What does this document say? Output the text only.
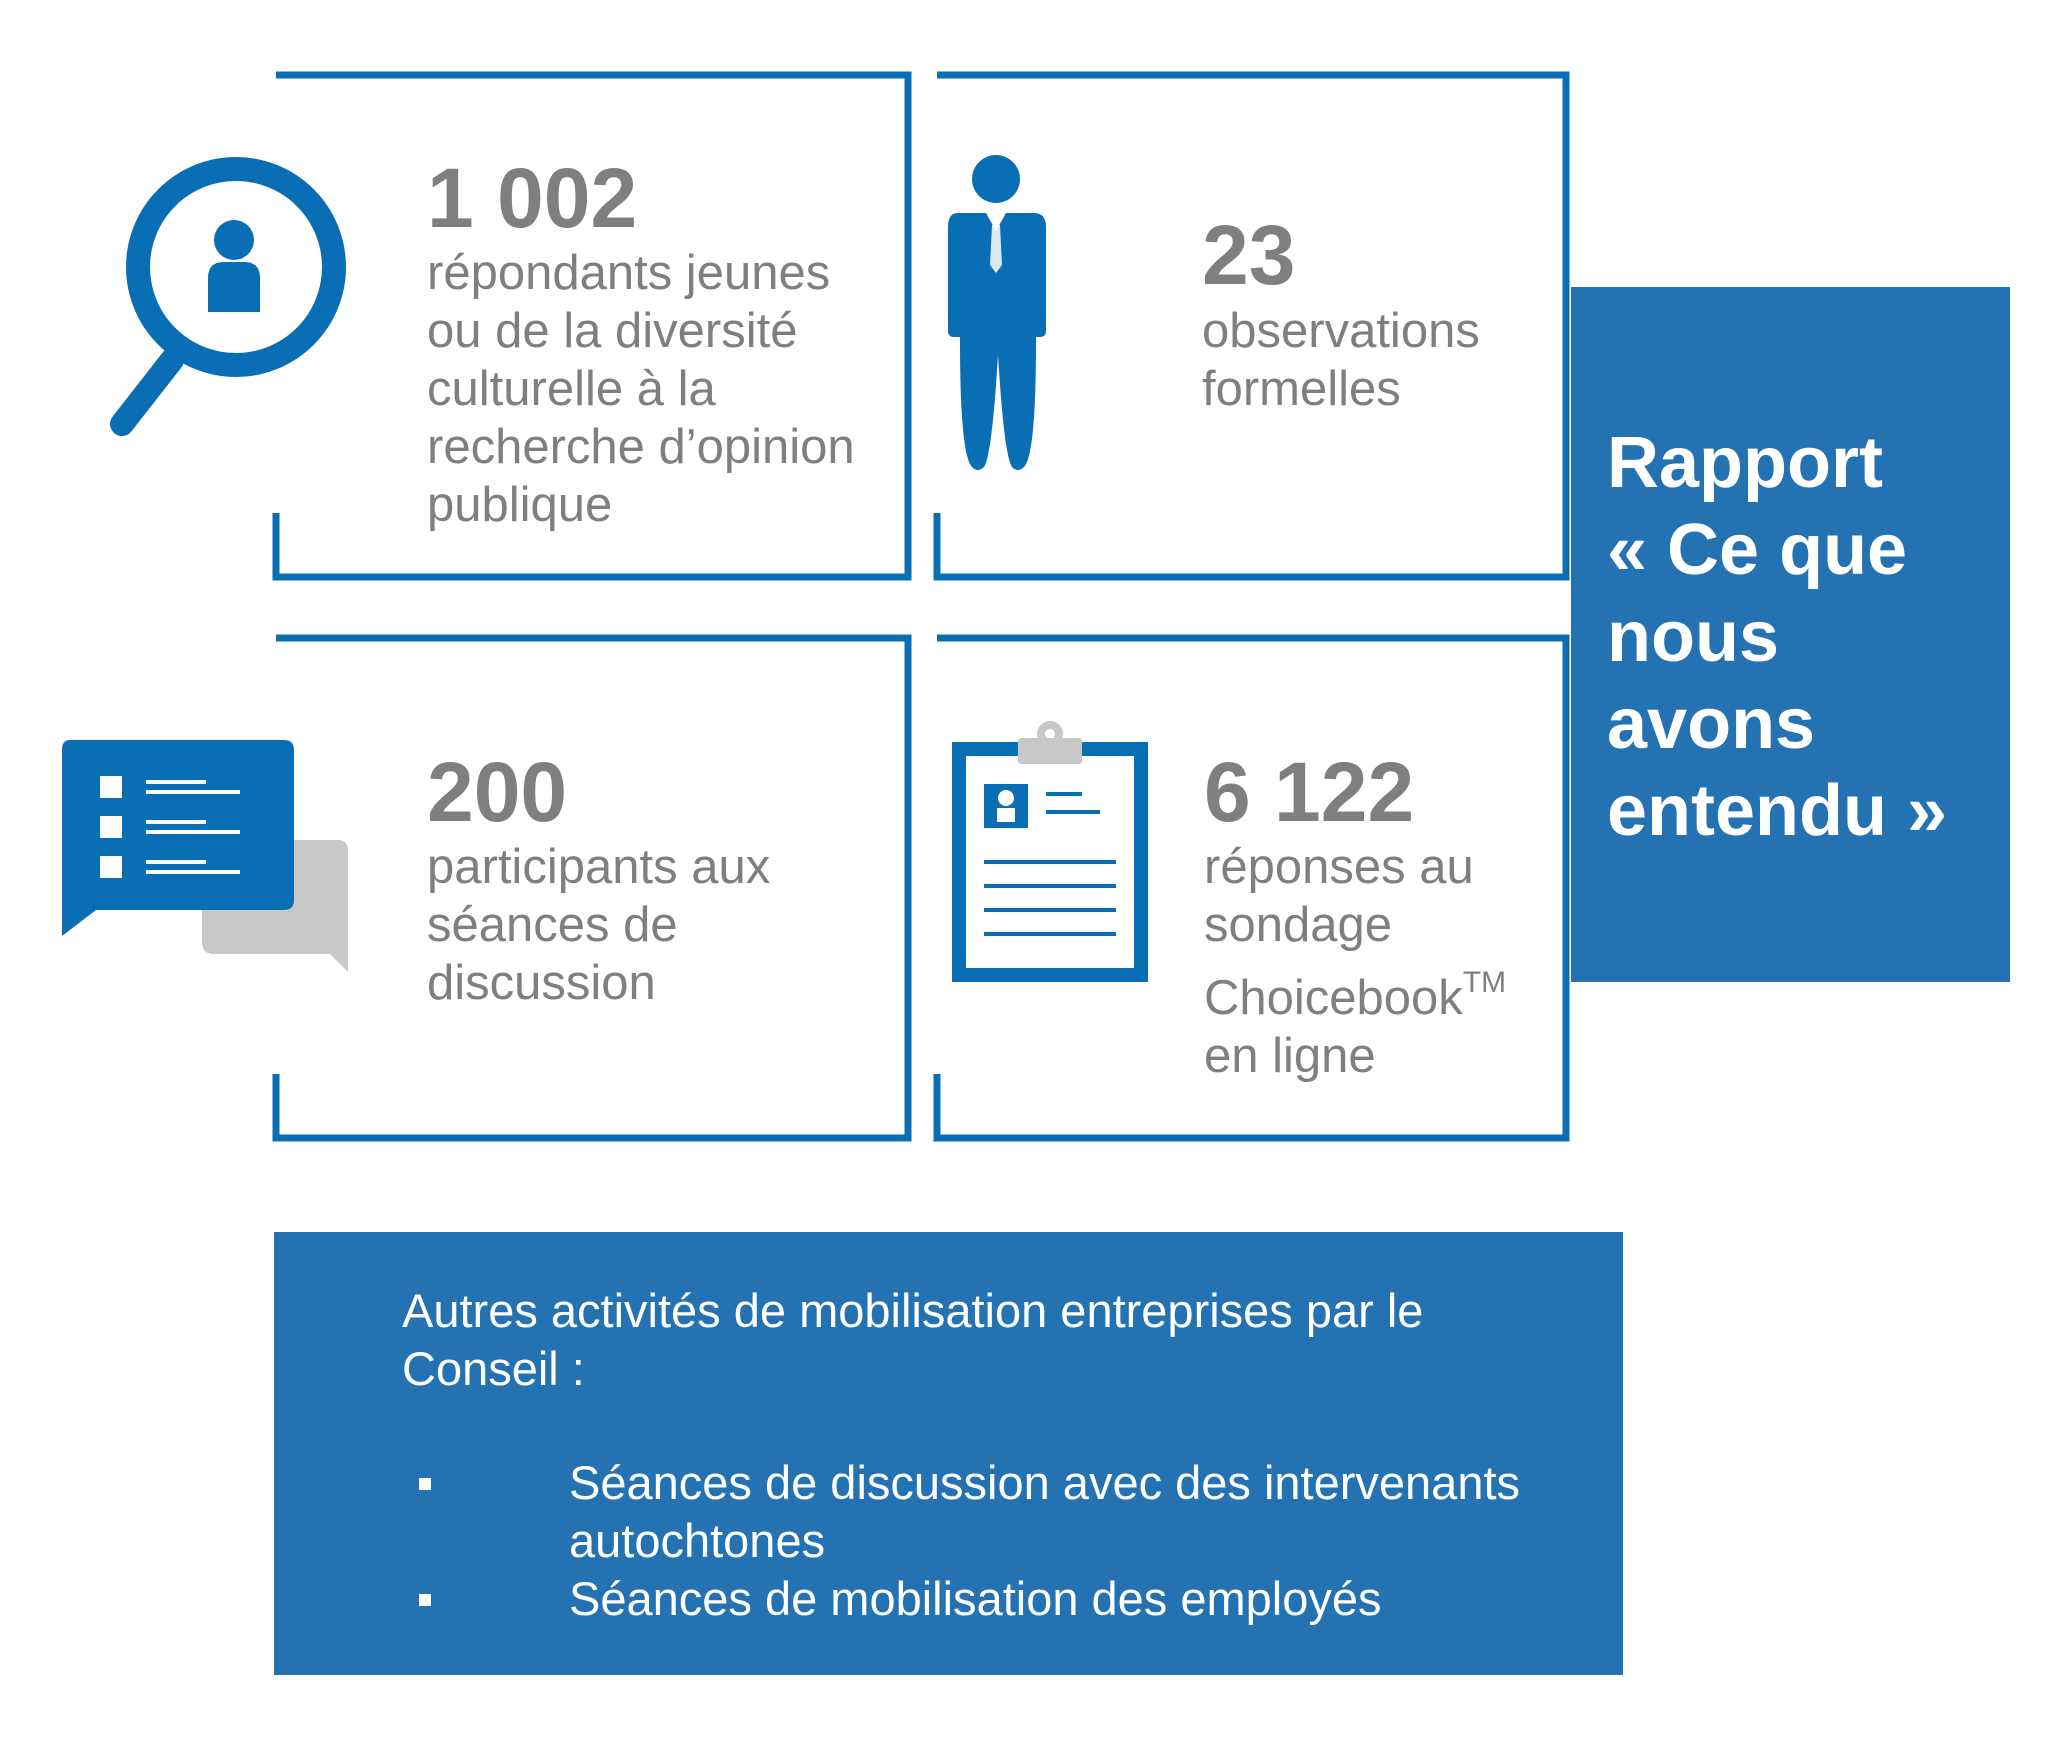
Rapport
« Ce que
nous
avons
entendu »
1 002
répondants jeunes
ou de la diversité
culturelle à la
recherche d’opinion
publique
23
observations
formelles
200
participants aux
séances de
discussion
6 122
réponses au
sondage
Choicebook™
en ligne
Autres activités de mobilisation entreprises par le Conseil :
Séances de discussion avec des intervenants autochtones
Séances de mobilisation des employés
